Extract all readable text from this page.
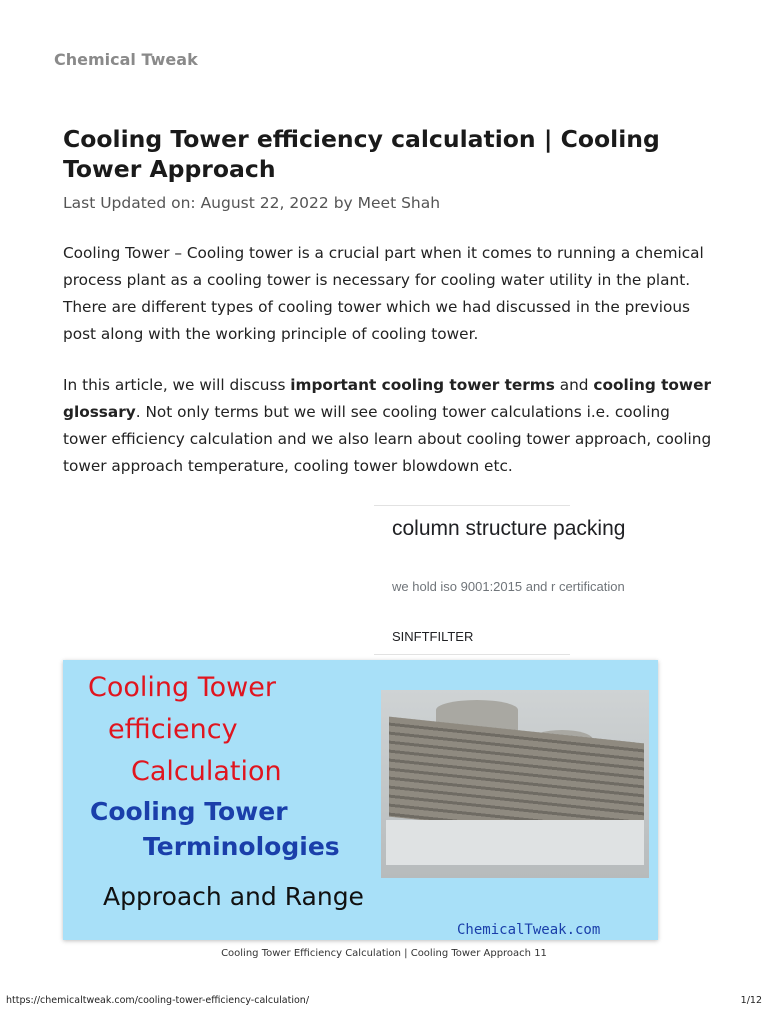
Chemical Tweak
Cooling Tower efficiency calculation | Cooling Tower Approach
Last Updated on: August 22, 2022 by Meet Shah

Cooling Tower – Cooling tower is a crucial part when it comes to running a chemical process plant as a cooling tower is necessary for cooling water utility in the plant. There are different types of cooling tower which we had discussed in the previous post along with the working principle of cooling tower.

In this article, we will discuss important cooling tower terms and cooling tower glossary. Not only terms but we will see cooling tower calculations i.e. cooling tower efficiency calculation and we also learn about cooling tower approach, cooling tower approach temperature, cooling tower blowdown etc.

column structure packing
we hold iso 9001:2015 and r certification
SINFTFILTER
Cooling Tower
efficiency
Calculation
Cooling Tower
Terminologies
Approach and Range
ChemicalTweak.com
Cooling Tower Efficiency Calculation | Cooling Tower Approach 11
https://chemicaltweak.com/cooling-tower-efficiency-calculation/	1/12
